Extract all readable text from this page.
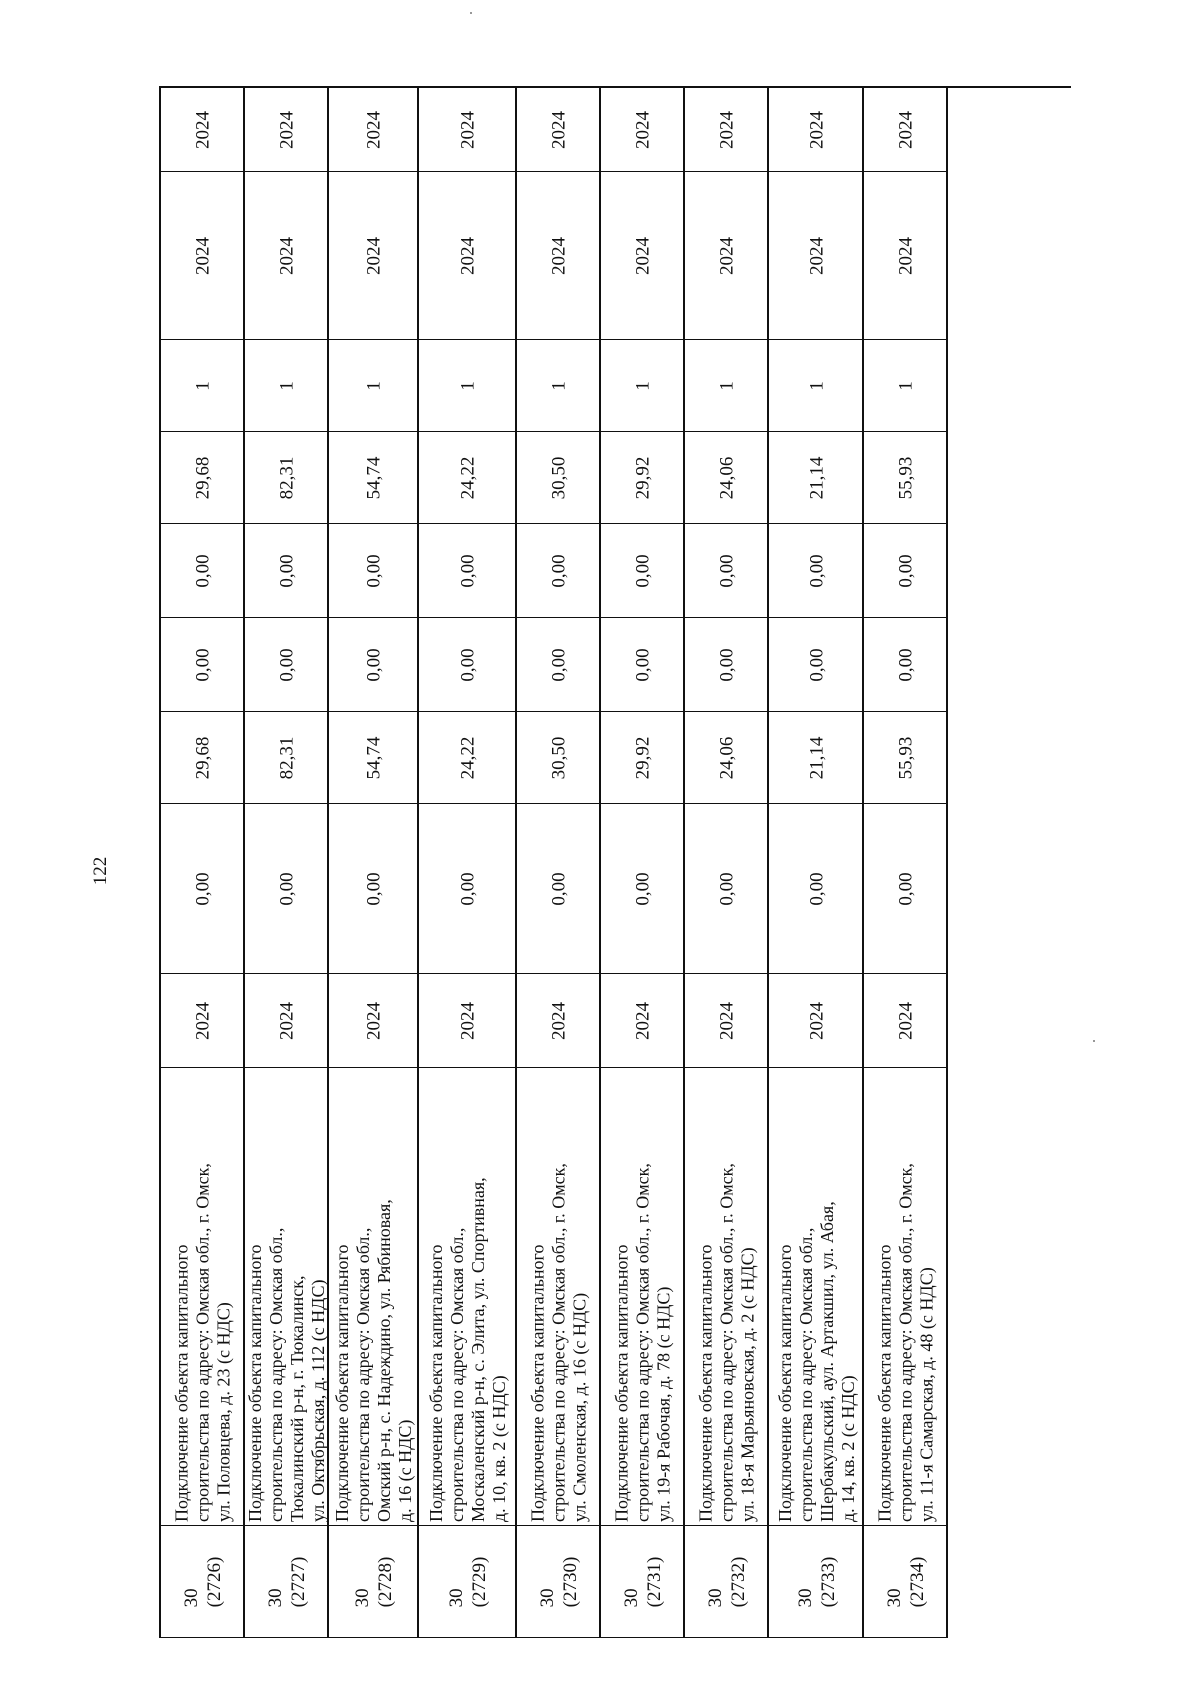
122
2024
2024
1
29,68
0,00
0,00
29,68
0,00
2024
Подключение объекта капитального
строительства по адресу: Омская обл., г. Омск,
ул. Половцева, д. 23 (с НДС)
30
(2726)
2024
2024
1
82,31
0,00
0,00
82,31
0,00
2024
Подключение объекта капитального
строительства по адресу: Омская обл.,
Тюкалинский р-н, г. Тюкалинск,
ул. Октябрьская, д. 112 (с НДС)
30
(2727)
2024
2024
1
54,74
0,00
0,00
54,74
0,00
2024
Подключение объекта капитального
строительства по адресу: Омская обл.,
Омский р-н, с. Надеждино, ул. Рябиновая,
д. 16 (с НДС)
30
(2728)
2024
2024
1
24,22
0,00
0,00
24,22
0,00
2024
Подключение объекта капитального
строительства по адресу: Омская обл.,
Москаленский р-н, с. Элита, ул. Спортивная,
д. 10, кв. 2 (с НДС)
30
(2729)
2024
2024
1
30,50
0,00
0,00
30,50
0,00
2024
Подключение объекта капитального
строительства по адресу: Омская обл., г. Омск,
ул. Смоленская, д. 16 (с НДС)
30
(2730)
2024
2024
1
29,92
0,00
0,00
29,92
0,00
2024
Подключение объекта капитального
строительства по адресу: Омская обл., г. Омск,
ул. 19-я Рабочая, д. 78 (с НДС)
30
(2731)
2024
2024
1
24,06
0,00
0,00
24,06
0,00
2024
Подключение объекта капитального
строительства по адресу: Омская обл., г. Омск,
ул. 18-я Марьяновская, д. 2 (с НДС)
30
(2732)
2024
2024
1
21,14
0,00
0,00
21,14
0,00
2024
Подключение объекта капитального
строительства по адресу: Омская обл.,
Шербакульский, аул. Артакшил, ул. Абая,
д. 14, кв. 2 (с НДС)
30
(2733)
2024
2024
1
55,93
0,00
0,00
55,93
0,00
2024
Подключение объекта капитального
строительства по адресу: Омская обл., г. Омск,
ул. 11-я Самарская, д. 48 (с НДС)
30
(2734)
